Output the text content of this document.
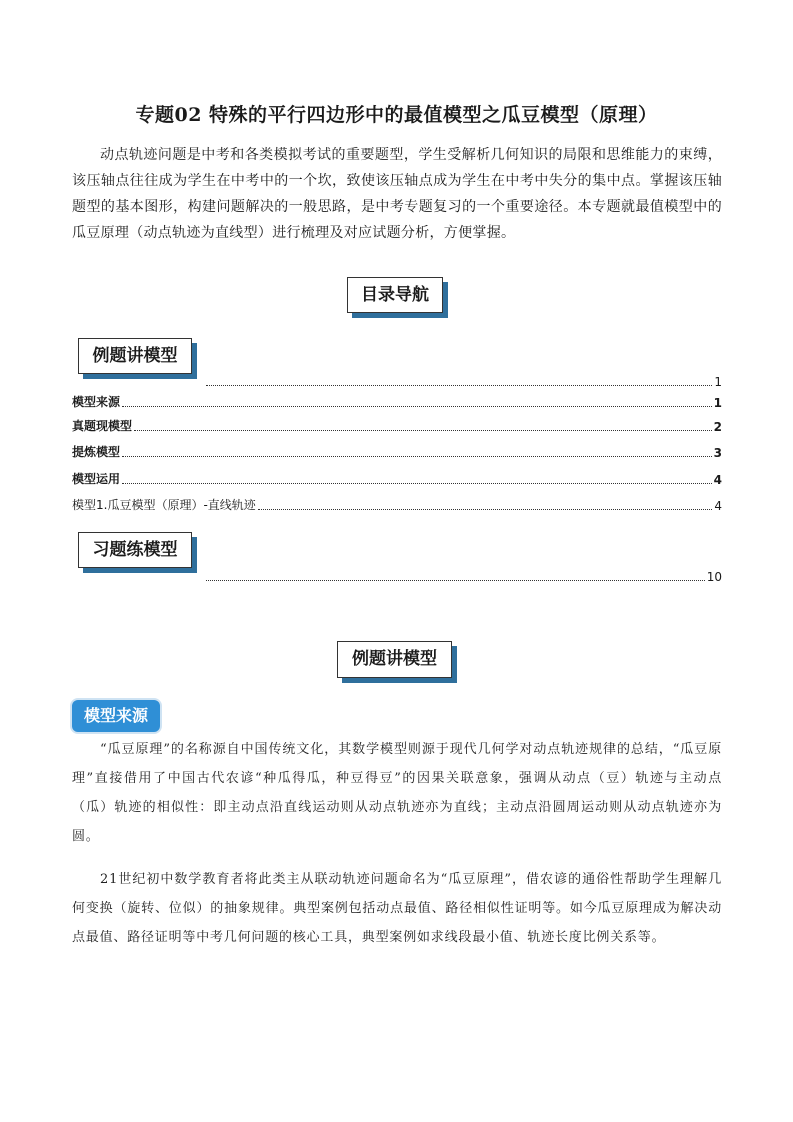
专题02 特殊的平行四边形中的最值模型之瓜豆模型（原理）
动点轨迹问题是中考和各类模拟考试的重要题型，学生受解析几何知识的局限和思维能力的束缚，该压轴点往往成为学生在中考中的一个坎，致使该压轴点成为学生在中考中失分的集中点。掌握该压轴题型的基本图形，构建问题解决的一般思路，是中考专题复习的一个重要途径。本专题就最值模型中的瓜豆原理（动点轨迹为直线型）进行梳理及对应试题分析，方便掌握。
目录导航
例题讲模型
1
模型来源	1
真题现模型	2
提炼模型	3
模型运用	4
模型1.瓜豆模型（原理）-直线轨迹	4
习题练模型
10
例题讲模型
模型来源
“瓜豆原理”的名称源自中国传统文化，其数学模型则源于现代几何学对动点轨迹规律的总结，“瓜豆原理”直接借用了中国古代农谚“种瓜得瓜，种豆得豆”的因果关联意象，强调从动点（豆）轨迹与主动点（瓜）轨迹的相似性：即主动点沿直线运动则从动点轨迹亦为直线；主动点沿圆周运动则从动点轨迹亦为圆。
21世纪初中数学教育者将此类主从联动轨迹问题命名为“瓜豆原理”，借农谚的通俗性帮助学生理解几何变换（旋转、位似）的抽象规律。典型案例包括动点最值、路径相似性证明等。如今瓜豆原理成为解决动点最值、路径证明等中考几何问题的核心工具，典型案例如求线段最小值、轨迹长度比例关系等。
